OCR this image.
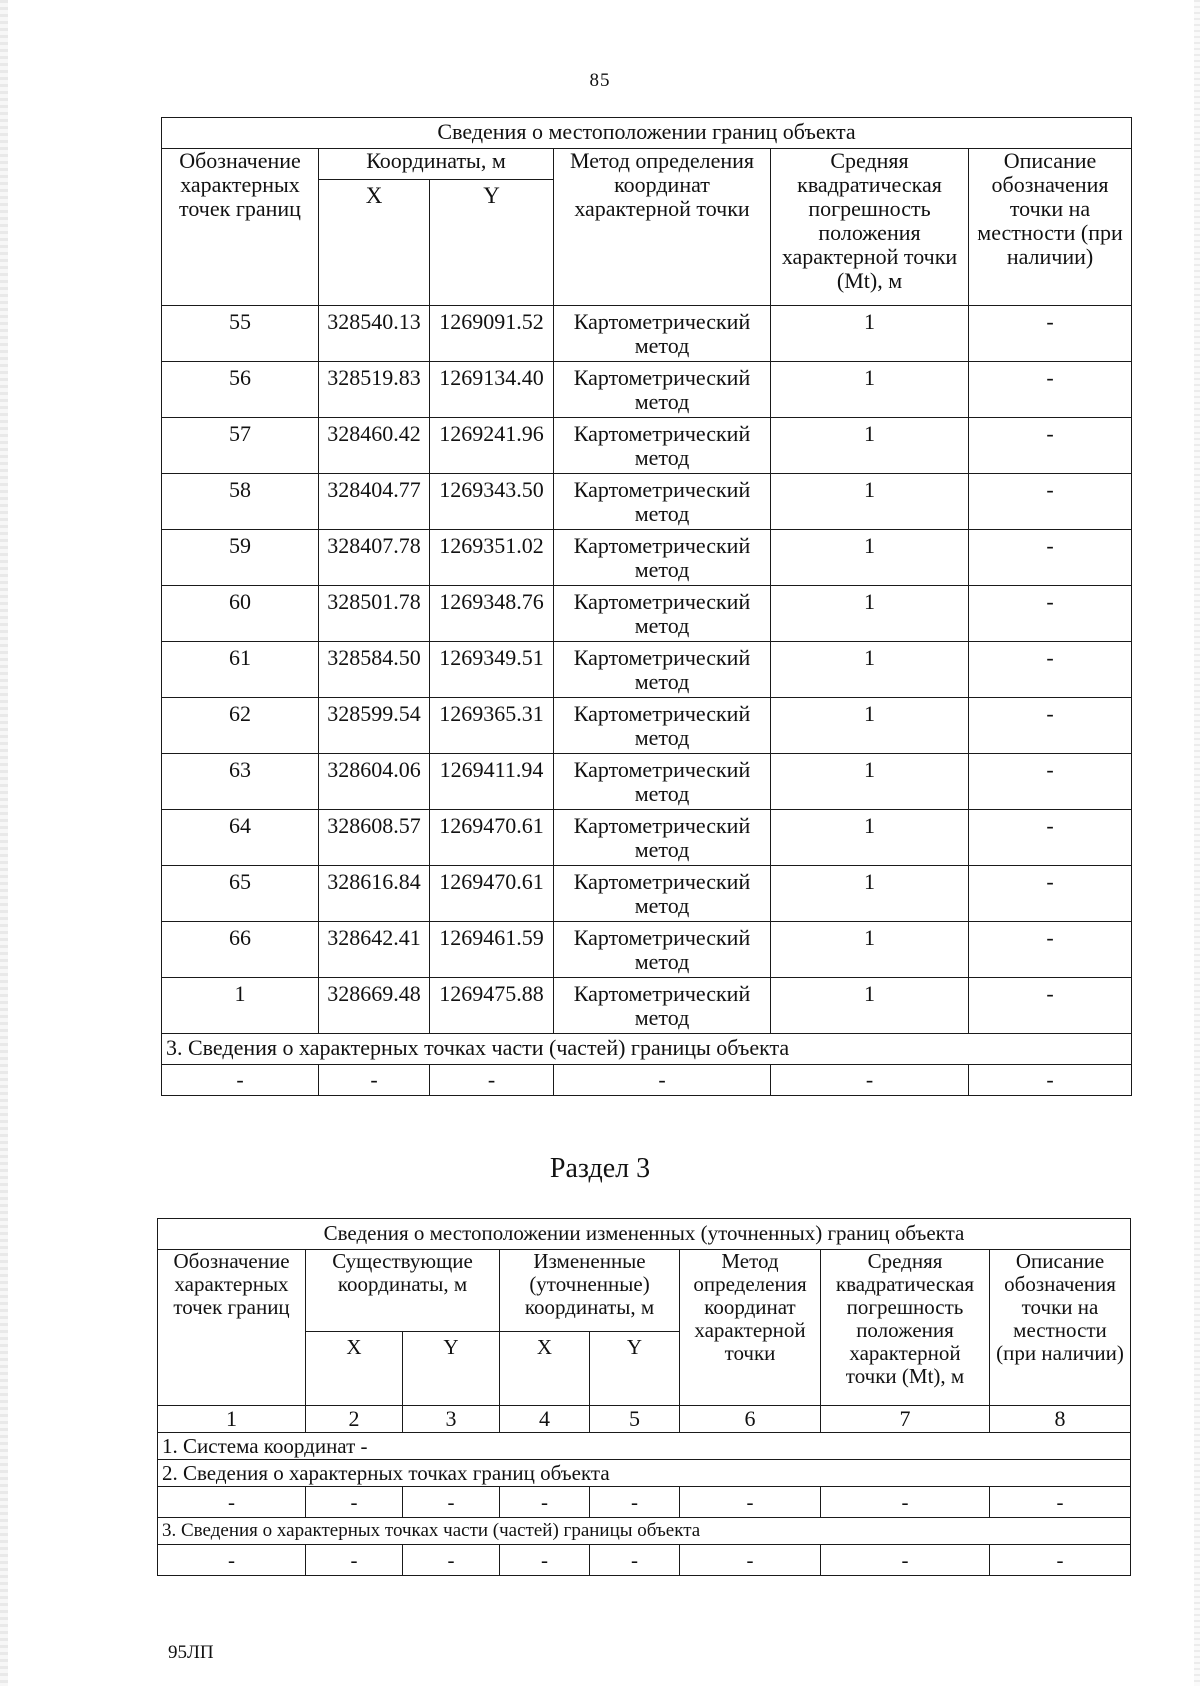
85
Сведения о местоположении границ объекта					
Обозначение характерных точек границ	Координаты, м		Метод определения координат характерной точки	Средняя квадратическая погрешность положения характерной точки (Mt), м	Описание обозначения точки на местности (при наличии)
	X	Y			
55	328540.13	1269091.52	Картометрический метод	1	-
56	328519.83	1269134.40	Картометрический метод	1	-
57	328460.42	1269241.96	Картометрический метод	1	-
58	328404.77	1269343.50	Картометрический метод	1	-
59	328407.78	1269351.02	Картометрический метод	1	-
60	328501.78	1269348.76	Картометрический метод	1	-
61	328584.50	1269349.51	Картометрический метод	1	-
62	328599.54	1269365.31	Картометрический метод	1	-
63	328604.06	1269411.94	Картометрический метод	1	-
64	328608.57	1269470.61	Картометрический метод	1	-
65	328616.84	1269470.61	Картометрический метод	1	-
66	328642.41	1269461.59	Картометрический метод	1	-
1	328669.48	1269475.88	Картометрический метод	1	-
3. Сведения о характерных точках части (частей) границы объекта					
-	-	-	-	-	-
Раздел 3
Сведения о местоположении измененных (уточненных) границ объекта							
Обозначение характерных точек границ	Существующие координаты, м		Измененные (уточненные) координаты, м		Метод определения координат характерной точки	Средняя квадратическая погрешность положения характерной точки (Mt), м	Описание обозначения точки на местности (при наличии)
	X	Y	X	Y			
1	2	3	4	5	6	7	8
1. Система координат -							
2. Сведения о характерных точках границ объекта							
-	-	-	-	-	-	-	-
3. Сведения о характерных точках части (частей) границы объекта							
-	-	-	-	-	-	-	-
95ЛП
